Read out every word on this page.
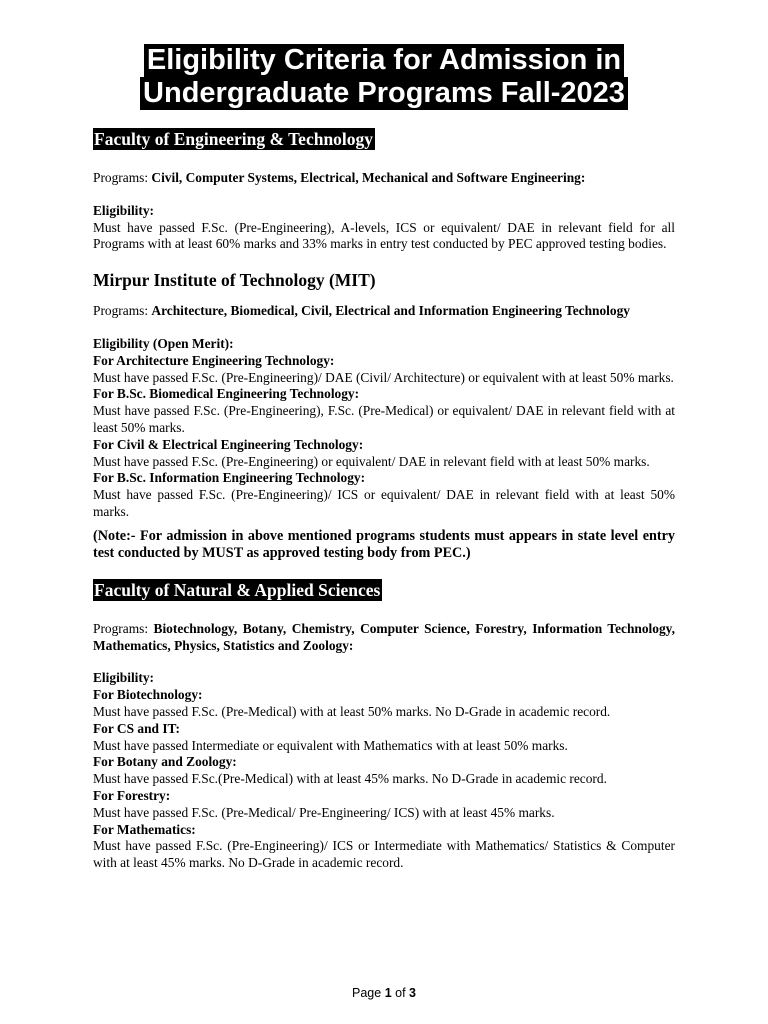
Eligibility Criteria for Admission in
Undergraduate Programs Fall-2023
Faculty of Engineering & Technology

Programs: Civil, Computer Systems, Electrical, Mechanical and Software Engineering:

Eligibility:

Must have passed F.Sc. (Pre-Engineering), A-levels, ICS or equivalent/ DAE in relevant field for all Programs with at least 60% marks and 33% marks in entry test conducted by PEC approved testing bodies.

Mirpur Institute of Technology (MIT)

Programs: Architecture, Biomedical, Civil, Electrical and Information Engineering Technology

Eligibility (Open Merit):

For Architecture Engineering Technology:

Must have passed F.Sc. (Pre-Engineering)/ DAE (Civil/ Architecture) or equivalent with at least 50% marks.

For B.Sc. Biomedical Engineering Technology:

Must have passed F.Sc. (Pre-Engineering), F.Sc. (Pre-Medical) or equivalent/ DAE in relevant field with at least 50% marks.

For Civil & Electrical Engineering Technology:

Must have passed F.Sc. (Pre-Engineering) or equivalent/ DAE in relevant field with at least 50% marks.

For B.Sc. Information Engineering Technology:

Must have passed F.Sc. (Pre-Engineering)/ ICS or equivalent/ DAE in relevant field with at least 50% marks.

(Note:- For admission in above mentioned programs students must appears in state level entry test conducted by MUST as approved testing body from PEC.)

Faculty of Natural & Applied Sciences

Programs: Biotechnology, Botany, Chemistry, Computer Science, Forestry, Information Technology, Mathematics, Physics, Statistics and Zoology:

Eligibility:

For Biotechnology:

Must have passed F.Sc. (Pre-Medical) with at least 50% marks. No D-Grade in academic record.

For CS and IT:

Must have passed Intermediate or equivalent with Mathematics with at least 50% marks.

For Botany and Zoology:

Must have passed F.Sc.(Pre-Medical) with at least 45% marks. No D-Grade in academic record.

For Forestry:

Must have passed F.Sc. (Pre-Medical/ Pre-Engineering/ ICS) with at least 45% marks.

For Mathematics:

Must have passed F.Sc. (Pre-Engineering)/ ICS or Intermediate with Mathematics/ Statistics & Computer with at least 45% marks. No D-Grade in academic record.

Page 1 of 3
